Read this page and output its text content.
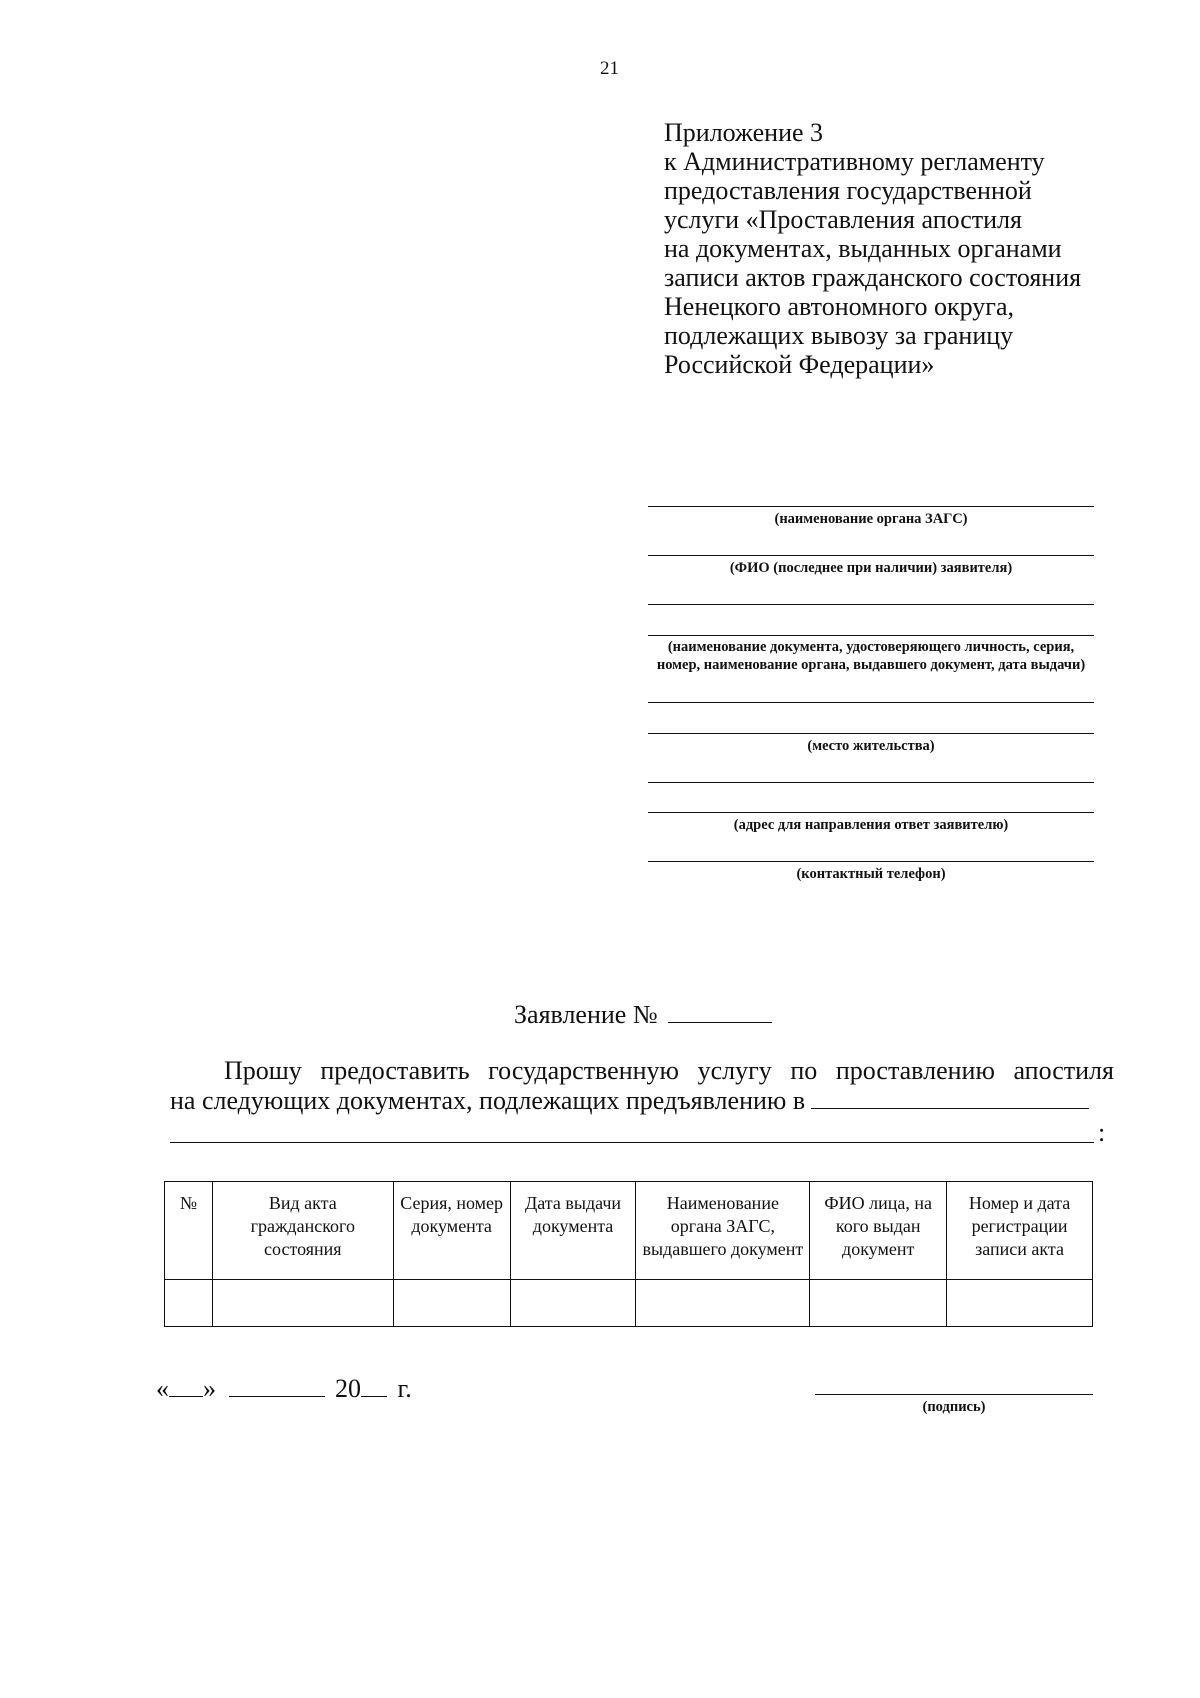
21
Приложение 3
к Административному регламенту
предоставления государственной
услуги «Проставления апостиля
на документах, выданных органами
записи актов гражданского состояния
Ненецкого автономного округа,
подлежащих вывозу за границу
Российской Федерации»
(наименование органа ЗАГС)
(ФИО (последнее при наличии) заявителя)
(наименование документа, удостоверяющего личность, серия,
номер, наименование органа, выдавшего документ, дата выдачи)
(место жительства)
(адрес для направления ответ заявителю)
(контактный телефон)
Заявление №
Прошу предоставить государственную услугу по проставлению апостиля
на следующих документах, подлежащих предъявлению в
:
№	Вид акта гражданского состояния	Серия, номер документа	Дата выдачи документа	Наименование органа ЗАГС, выдавшего документ	ФИО лица, на кого выдан документ	Номер и дата регистрации записи акта

« »	20 г.
(подпись)
